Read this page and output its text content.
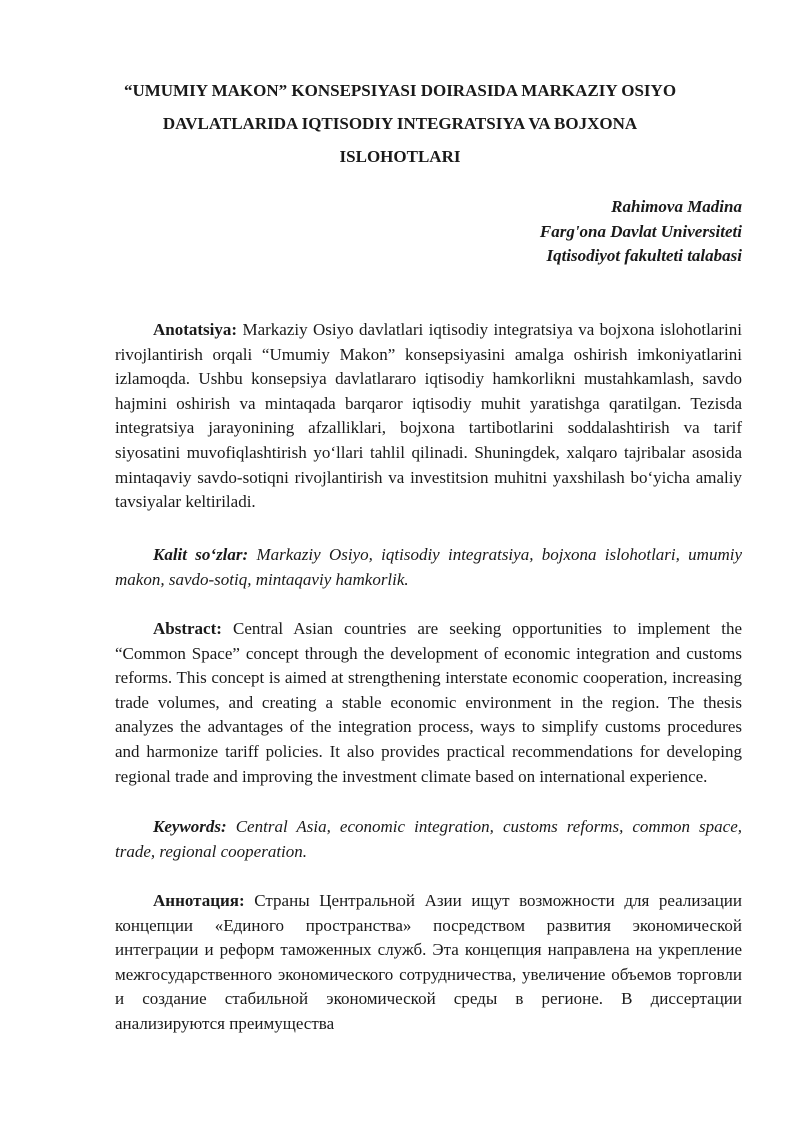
“UMUMIY MAKON” KONSEPSIYASI DOIRASIDA MARKAZIY OSIYO
DAVLATLARIDA IQTISODIY INTEGRATSIYA VA BOJXONA
ISLOHOTLARI
Rahimova Madina
Farg'ona Davlat Universiteti
Iqtisodiyot fakulteti talabasi

Anotatsiya: Markaziy Osiyo davlatlari iqtisodiy integratsiya va bojxona islohotlarini rivojlantirish orqali “Umumiy Makon” konsepsiyasini amalga oshirish imkoniyatlarini izlamoqda. Ushbu konsepsiya davlatlararo iqtisodiy hamkorlikni mustahkamlash, savdo hajmini oshirish va mintaqada barqaror iqtisodiy muhit yaratishga qaratilgan. Tezisda integratsiya jarayonining afzalliklari, bojxona tartibotlarini soddalashtirish va tarif siyosatini muvofiqlashtirish yo‘llari tahlil qilinadi. Shuningdek, xalqaro tajribalar asosida mintaqaviy savdo-sotiqni rivojlantirish va investitsion muhitni yaxshilash bo‘yicha amaliy tavsiyalar keltiriladi.

Kalit so‘zlar: Markaziy Osiyo, iqtisodiy integratsiya, bojxona islohotlari, umumiy makon, savdo-sotiq, mintaqaviy hamkorlik.

Abstract: Central Asian countries are seeking opportunities to implement the “Common Space” concept through the development of economic integration and customs reforms. This concept is aimed at strengthening interstate economic cooperation, increasing trade volumes, and creating a stable economic environment in the region. The thesis analyzes the advantages of the integration process, ways to simplify customs procedures and harmonize tariff policies. It also provides practical recommendations for developing regional trade and improving the investment climate based on international experience.

Keywords: Central Asia, economic integration, customs reforms, common space, trade, regional cooperation.

Аннотация: Страны Центральной Азии ищут возможности для реализации концепции «Единого пространства» посредством развития экономической интеграции и реформ таможенных служб. Эта концепция направлена на укрепление межгосударственного экономического сотрудничества, увеличение объемов торговли и создание стабильной экономической среды в регионе. В диссертации анализируются преимущества
